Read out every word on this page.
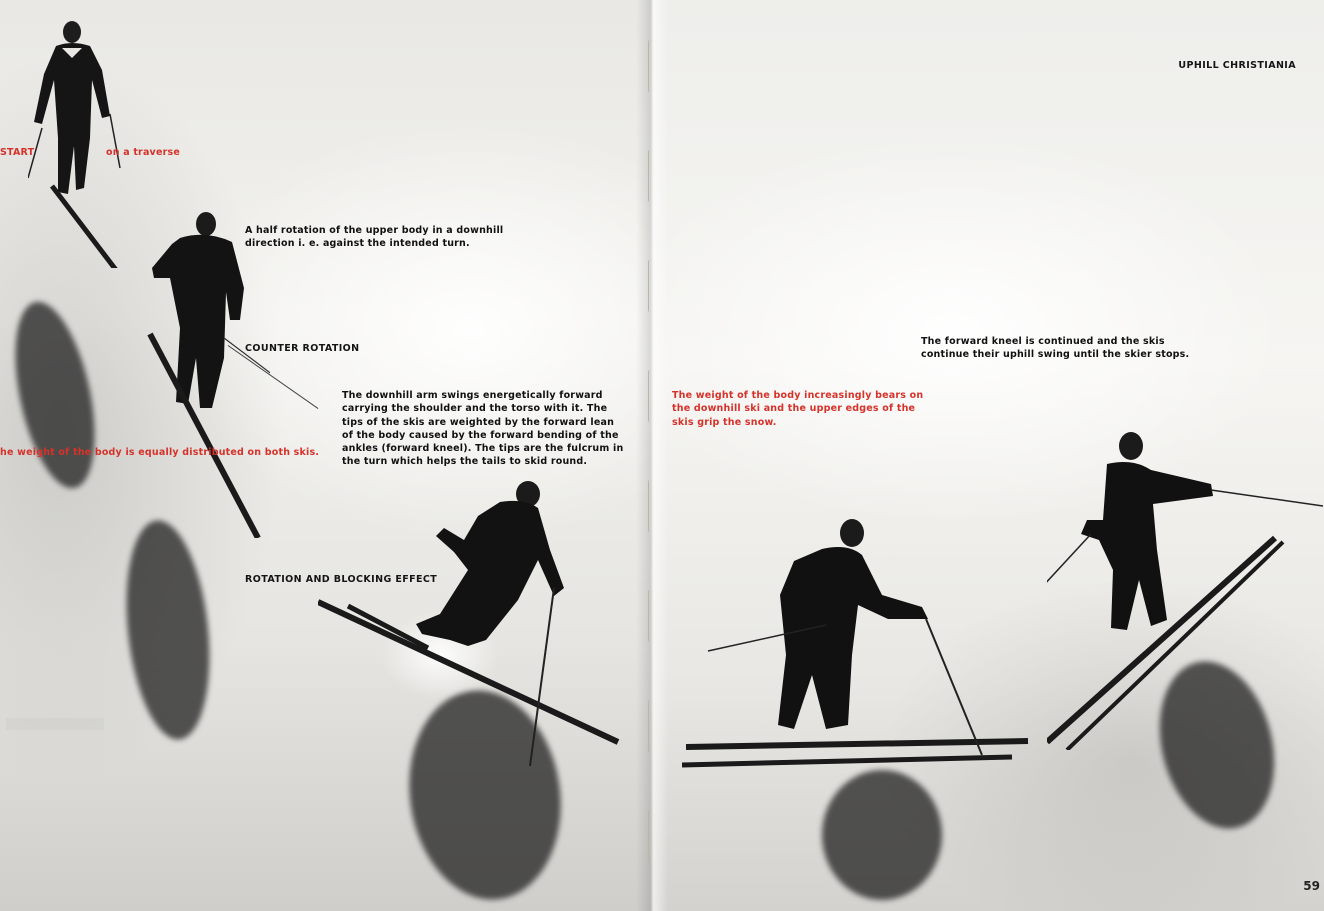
START	on a traverse
A half rotation of the upper body in a downhill direction i. e. against the intended turn.
COUNTER ROTATION
he weight of the body is equally distributed on both skis.
The downhill arm swings energetically forward carrying the shoulder and the torso with it. The tips of the skis are weighted by the forward lean of the body caused by the forward bending of the ankles (forward kneel). The tips are the fulcrum in the turn which helps the tails to skid round.
ROTATION AND BLOCKING EFFECT
UPHILL CHRISTIANIA
The forward kneel is continued and the skis continue their uphill swing until the skier stops.
The weight of the body increasingly bears on the downhill ski and the upper edges of the skis grip the snow.
59
